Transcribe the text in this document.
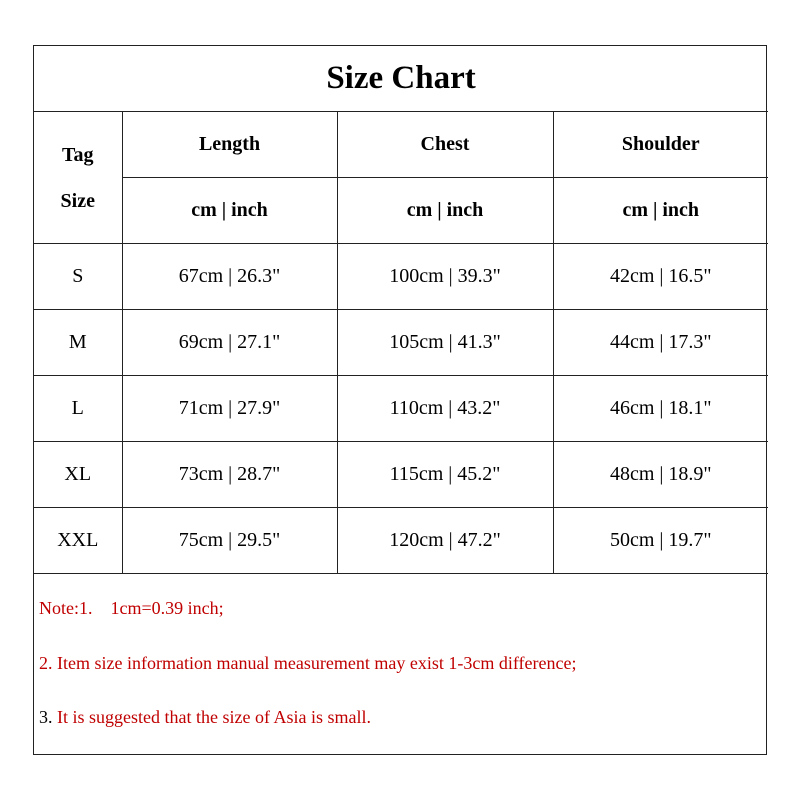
Size Chart			

Tag
Size	Length	Chest	Shoulder
	cm | inch	cm | inch	cm | inch
S	67cm | 26.3"	100cm | 39.3"	42cm | 16.5"
M	69cm | 27.1"	105cm | 41.3"	44cm | 17.3"
L	71cm | 27.9"	110cm | 43.2"	46cm | 18.1"
XL	73cm | 28.7"	115cm | 45.2"	48cm | 18.9"
XXL	75cm | 29.5"	120cm | 47.2"	50cm | 19.7"
Note:1.    1cm=0.39 inch;
2. Item size information manual measurement may exist 1-3cm difference;
3. It is suggested that the size of Asia is small.
